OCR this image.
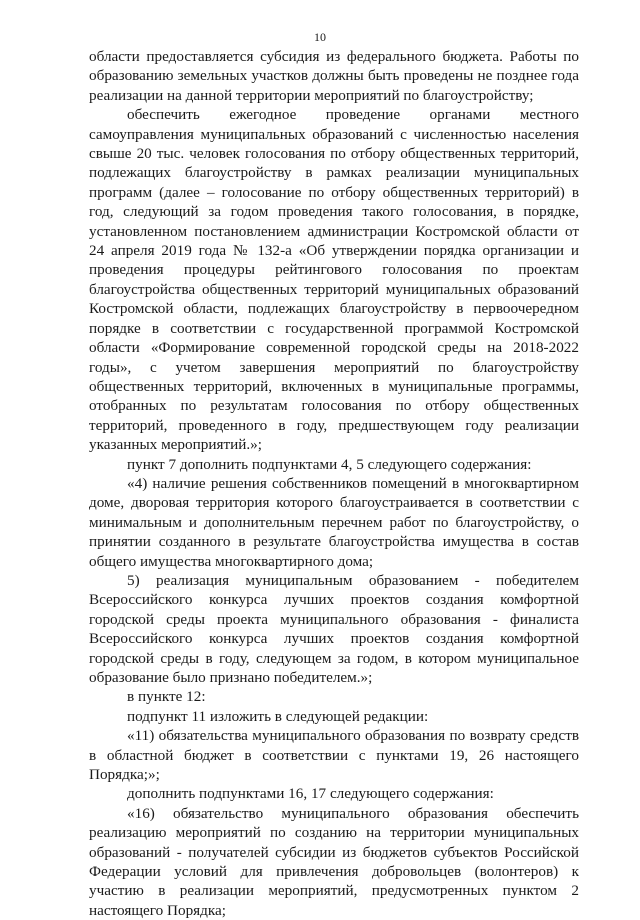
10

области предоставляется субсидия из федерального бюджета. Работы по образованию земельных участков должны быть проведены не позднее года реализации на данной территории мероприятий по благоустройству;

обеспечить ежегодное проведение органами местного самоуправления муниципальных образований с численностью населения свыше 20 тыс. человек голосования по отбору общественных территорий, подлежащих благоустройству в рамках реализации муниципальных программ (далее – голосование по отбору общественных территорий) в год, следующий за годом проведения такого голосования, в порядке, установленном постановлением администрации Костромской области от 24 апреля 2019 года № 132-а «Об утверждении порядка организации и проведения процедуры рейтингового голосования по проектам благоустройства общественных территорий муниципальных образований Костромской области, подлежащих благоустройству в первоочередном порядке в соответствии с государственной программой Костромской области «Формирование современной городской среды на 2018-2022 годы», с учетом завершения мероприятий по благоустройству общественных территорий, включенных в муниципальные программы, отобранных по результатам голосования по отбору общественных территорий, проведенного в году, предшествующем году реализации указанных мероприятий.»;

пункт 7 дополнить подпунктами 4, 5 следующего содержания:

«4) наличие решения собственников помещений в многоквартирном доме, дворовая территория которого благоустраивается в соответствии с минимальным и дополнительным перечнем работ по благоустройству, о принятии созданного в результате благоустройства имущества в состав общего имущества многоквартирного дома;

5) реализация муниципальным образованием - победителем Всероссийского конкурса лучших проектов создания комфортной городской среды проекта муниципального образования - финалиста Всероссийского конкурса лучших проектов создания комфортной городской среды в году, следующем за годом, в котором муниципальное образование было признано победителем.»;

в пункте 12:

подпункт 11 изложить в следующей редакции:

«11) обязательства муниципального образования по возврату средств в областной бюджет в соответствии с пунктами 19, 26 настоящего Порядка;»;

дополнить подпунктами 16, 17 следующего содержания:

«16) обязательство муниципального образования обеспечить реализацию мероприятий по созданию на территории муниципальных образований - получателей субсидии из бюджетов субъектов Российской Федерации условий для привлечения добровольцев (волонтеров) к участию в реализации мероприятий, предусмотренных пунктом 2 настоящего Порядка;
